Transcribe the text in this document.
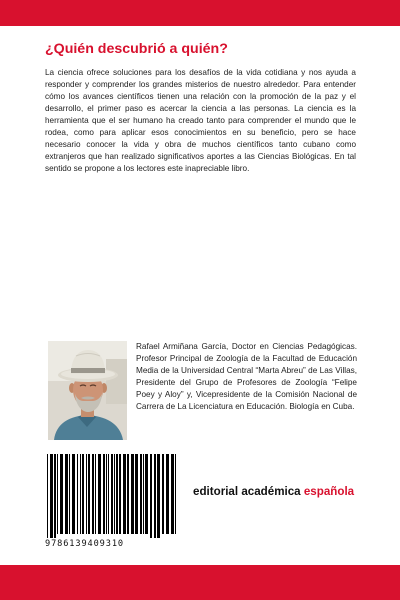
¿Quién descubrió a quién?

La ciencia ofrece soluciones para los desafíos de la vida cotidiana y nos ayuda a responder y comprender los grandes misterios de nuestro alrededor. Para entender cómo los avances científicos tienen una relación con la promoción de la paz y el desarrollo, el primer paso es acercar la ciencia a las personas. La ciencia es la herramienta que el ser humano ha creado tanto para comprender el mundo que le rodea, como para aplicar esos conocimientos en su beneficio, pero se hace necesario conocer la vida y obra de muchos científicos tanto cubano como extranjeros que han realizado significativos aportes a las Ciencias Biológicas. En tal sentido se propone a los lectores este inapreciable libro.

Rafael Armiñana García, Doctor en Ciencias Pedagógicas. Profesor Principal de Zoología de la Facultad de Educación Media de la Universidad Central “Marta Abreu” de Las Villas, Presidente del Grupo de Profesores de Zoología “Felipe Poey y Aloy” y, Vicepresidente de la Comisión Nacional de Carrera de La Licenciatura en Educación. Biología en Cuba.

9786139409310

editorial académica española
